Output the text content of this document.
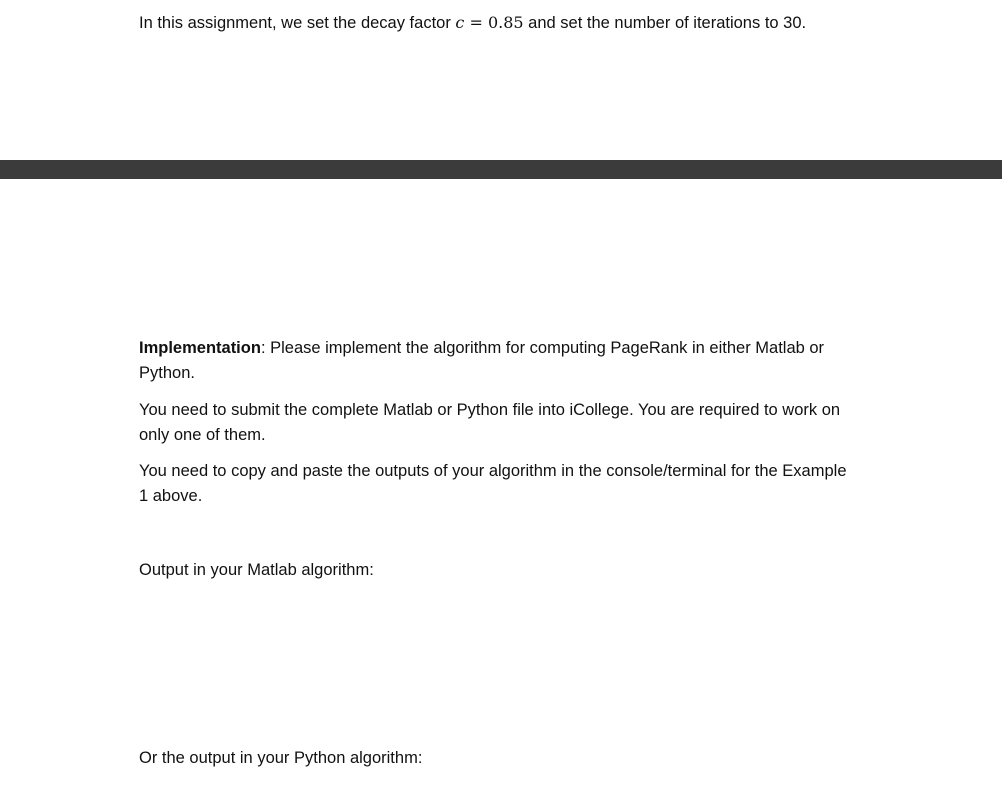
In this assignment, we set the decay factor c = 0.85 and set the number of iterations to 30.
Implementation: Please implement the algorithm for computing PageRank in either Matlab or Python.
You need to submit the complete Matlab or Python file into iCollege. You are required to work on only one of them.
You need to copy and paste the outputs of your algorithm in the console/terminal for the Example 1 above.
Output in your Matlab algorithm:
Or the output in your Python algorithm:
